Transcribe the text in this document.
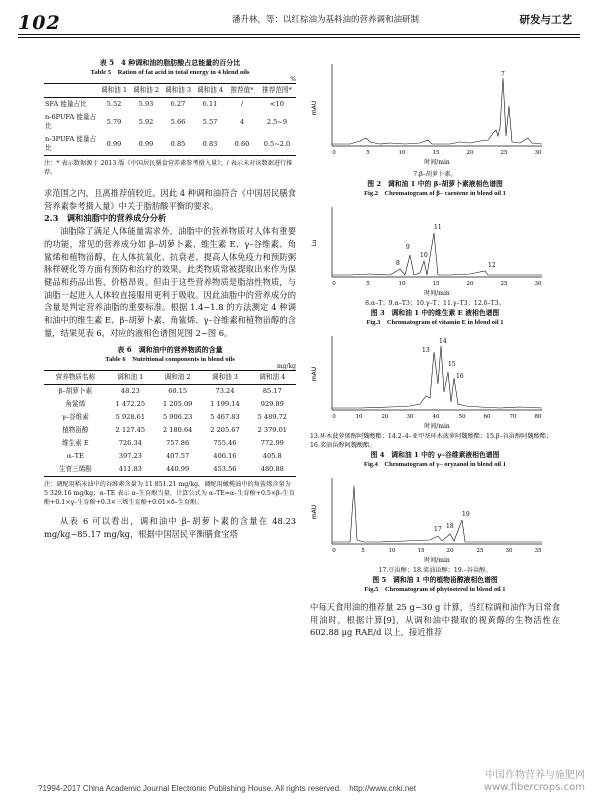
102	潘升林，等：以红棕油为基料油的营养调和油研制	研发与工艺
表 5　4 种调和油的脂肪酸占总能量的百分比
Table 5　Ration of fat acid in total energy in 4 blend oils
%
	调和油 1	调和油 2	调和油 3	调和油 4	推荐值*	推荐范围*
SFA 能量占比	5.52	5.93	6.27	6.11	/	<10
n-6PUFA 能量占比	5.79	5.92	5.66	5.57	4	2.5~9
n-3PUFA 能量占比	0.99	0.99	0.85	0.83	0.60	0.5~2.0
注：* 表示数据源于 2013 版《中国居民膳食营养素参考摄入量》；/ 表示未对该数据进行推荐。

求范围之内，且离推荐值较近。因此 4 种调和油符合《中国居民膳食营养素参考摄入量》中关于脂肪酸平衡的要求。

2.3　调和油脂中的营养成分分析

油脂除了满足人体能量需求外，油脂中的营养物质对人体有重要的功能，常见的营养成分如 β–胡萝卜素、维生素 E、γ–谷维素、角鲨烯和植物甾醇，在人体抗氧化、抗衰老、提高人体免疫力和预防粥脉样硬化等方面有预防和治疗的效果。此类物质常被提取出来作为保健品和药品出售，价格昂贵。但由于这些营养物质是脂溶性物质，与油脂一起进入人体较直接服用更利于吸收。因此油脂中的营养成分的含量是判定营养油脂的重要标准。根据 1.4~1.8 的方法测定 4 种调和油中的维生素 E、β–胡萝卜素、角鲨烯、γ–谷维素和植物甾醇的含量，结果见表 6，对应的液相色谱图见图 2~图 6。

表 6　调和油中的营养物质的含量
Table 6　Nutritional components in blend oils
mg/kg
营养物质名称	调和油 1	调和油 2	调和油 3	调和油 4
β–胡萝卜素	48.23	60.15	73.24	85.17
角鲨烯	1 472.25	1 205.09	1 199.14	929.89
γ–谷维素	5 928.61	5 906.23	5 467.83	5 489.72
植物甾醇	2 127.45	2 180.64	2 205.67	2 379.01
维生素 E	726.34	757.86	755.46	772.99
α–TE	397.23	407.57	406.16	405.8
生育三烯酚	411.83	440.99	453.56	480.88
注：调配用稻米油中的谷维素含量为 11 851.21 mg/kg，调配用橄榄油中的角鲨烯含量为 5 329.16 mg/kg；α–TE 表示 α–生育酚当量，计算公式为 α–TE=α–生育酚+0.5×β–生育酚+0.1×γ–生育酚+0.3×三烯生育酚+0.01×δ–生育酚。

从表 6 可以看出，调和油中 β–胡萝卜素的含量在 48.23 mg/kg~85.17 mg/kg，根据中国居民平衡膳食宝塔

mAU
7
0	5	10	15	20	25	30
时间/min
7.β–胡萝卜素。
图 2　调和油 1 中的 β–胡萝卜素液相色谱图
Fig.2　Chromatogram of β– carotene in blend oil 1
Lu
8
9
10
11
12
0	5	10	15	20	25	30
时间/min
8.α–T；9.α–T3；10.γ–T；11.γ–T3；12.δ–T3。
图 3　调和油 1 中的维生素 E 液相色谱图
Fig.3　Chromatogram of vitamin E in blend oil 1
mAU
13
14
15
16
0	10	20	30	40	50	60	70	80
时间/min
13.环木菠萝烯醇阿魏酸酯；14.2–4–亚甲基环木菠萝阿魏酸酯；15.β–谷甾醇阿魏酸酯；16.菜油甾醇阿魏酸酯。
图 4　调和油 1 中的 γ–谷维素液相色谱图
Fig.4　Chromatogram of γ– oryzanol in blend oil 1
mAU
17 18
19
0	5	10	15	20	25	30	35
时间/min
17.豆甾醇；18.菜油甾醇；19.–谷甾醇。
图 5　调和油 1 中的植物甾醇液相色谱图
Fig.5　Chromatogram of phytosterol in blend oil 1

中每天食用油的推荐量 25 g~30 g 计算，当红棕调和油作为日常食用油时，根据计算[9]，从调和油中摄取的视黄醇的生物活性在 602.88 μg RAE/d 以上，接近推荐

?1994-2017 China Academic Journal Electronic Publishing House. All rights reserved.　http://www.cnki.net
中国作物营养与施肥网
www.fibercrops.com
